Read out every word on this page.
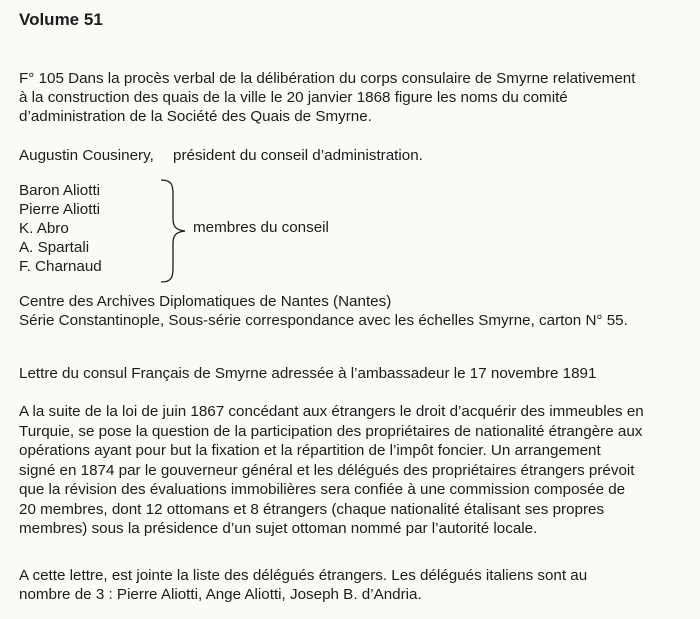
Volume 51

F° 105 Dans la procès verbal de la délibération du corps consulaire de Smyrne relativement
à la construction des quais de la ville le 20 janvier 1868 figure les noms du comité
d’administration de la Société des Quais de Smyrne.

Augustin Cousinery, président du conseil d’administration.

Baron Aliotti
Pierre Aliotti
K. Abro
A. Spartali
F. Charnaud

membres du conseil

Centre des Archives Diplomatiques de Nantes (Nantes)
Série Constantinople, Sous-série correspondance avec les échelles Smyrne, carton N° 55.

Lettre du consul Français de Smyrne adressée à l’ambassadeur le 17 novembre 1891

A la suite de la loi de juin 1867 concédant aux étrangers le droit d’acquérir des immeubles en
Turquie, se pose la question de la participation des propriétaires de nationalité étrangère aux
opérations ayant pour but la fixation et la répartition de l’impôt foncier. Un arrangement
signé en 1874 par le gouverneur général et les délégués des propriétaires étrangers prévoit
que la révision des évaluations immobilières sera confiée à une commission composée de
20 membres, dont 12 ottomans et 8 étrangers (chaque nationalité étalisant ses propres
membres) sous la présidence d’un sujet ottoman nommé par l’autorité locale.

A cette lettre, est jointe la liste des délégués étrangers. Les délégués italiens sont au
nombre de 3 : Pierre Aliotti, Ange Aliotti, Joseph B. d’Andria.
